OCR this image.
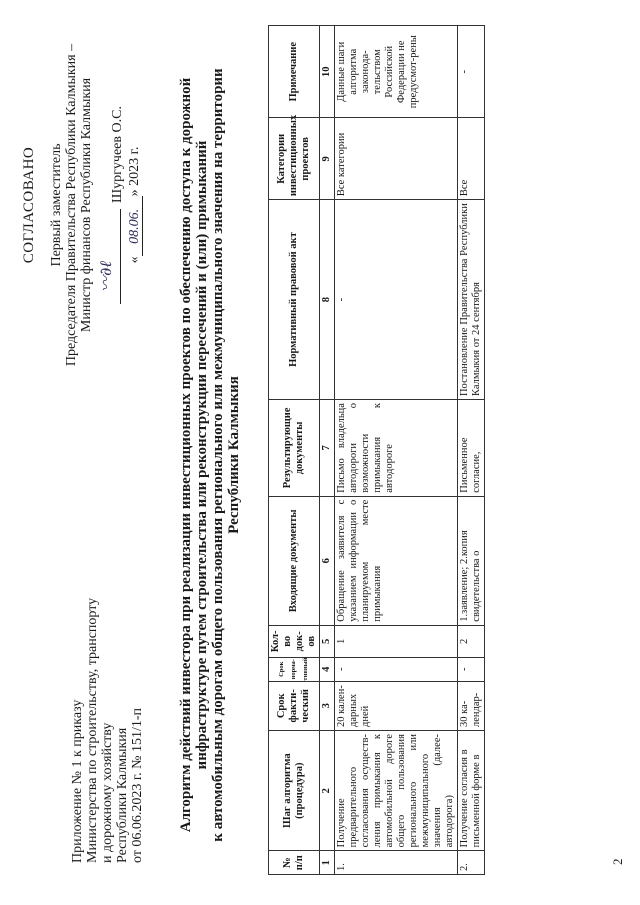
2
Приложение № 1 к приказу Министерства по строительству, транспорту и дорожному хозяйству Республики Калмыкия от 06.06.2023 г. № 151/1-п
СОГЛАСОВАНО Первый заместитель Председателя Правительства Республики Калмыкия – Министр финансов Республики Калмыкия 〰∂ℓ
Шургучеев О.С.
«08.06.» 2023 г. Алгоритм действий инвестора при реализации инвестиционных проектов по обеспечению доступа к дорожной инфраструктуре путем строительства или реконструкции пересечений и (или) примыканий к автомобильным дорогам общего пользования регионального или межмуниципального значения на территории Республики Калмыкия
№ п/п	Шаг алгоритма (процедура)	Срок факти-ческий	Срок норма-тивный	Кол-во док-ов	Входящие документы	Результирующие документы	Нормативный правовой акт	Категории инвестиционных проектов	Примечание
1	2	3	4	5	6	7	8	9	10
1.	Получение предварительного согласования осуществ-ления примыкания к автомобильной дороге общего пользования регионального или межмуниципального значения (далее-автодорога)	20 кален-дарных дней	-	1	Обращение заявителя с указанием информации о планируемом месте примыкания	Письмо владельца автодороги о возможности примыкания к автодороге	-	Все категории	Данные шаги алгоритма законода-тельством Российской Федерации не предусмот-рены
2.	Получение согласия в письменной форме в	30 ка-лендар-	-	2	1.заявление; 2.копия свидетельства о	Письменное согласие,	Постановление Правительства Республики Калмыкия от 24 сентября	Все	-
